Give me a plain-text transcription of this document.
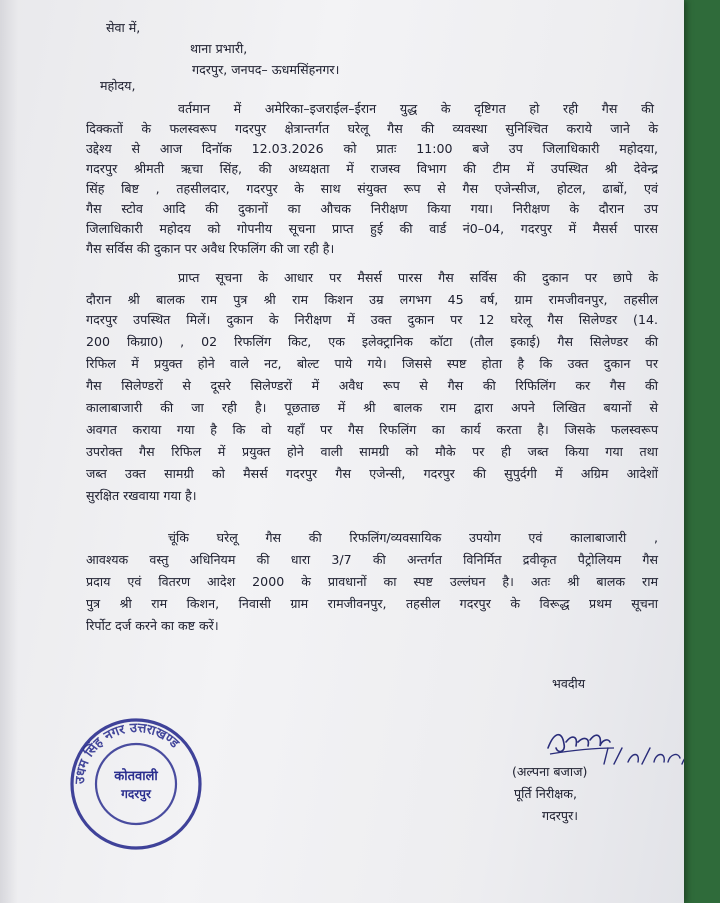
सेवा में,
थाना प्रभारी,
गदरपुर, जनपद– ऊधमसिंहनगर।
महोदय,
वर्तमान में अमेरिका–इजराईल–ईरान युद्ध के दृष्टिगत हो रही गैस की
दिक्कतों के फलस्वरूप गदरपुर क्षेत्रान्तर्गत घरेलू गैस की व्यवस्था सुनिश्चित कराये जाने के
उद्देश्य से आज दिनॉक 12.03.2026 को प्रातः 11:00 बजे उप जिलाधिकारी महोदया,
गदरपुर श्रीमती ऋचा सिंह, की अध्यक्षता में राजस्व विभाग की टीम में उपस्थित श्री देवेन्द्र
सिंह बिष्ट , तहसीलदार, गदरपुर के साथ संयुक्त रूप से गैस एजेन्सीज, होटल, ढाबों, एवं
गैस स्टोव आदि की दुकानों का औचक निरीक्षण किया गया। निरीक्षण के दौरान उप
जिलाधिकारी महोदय को गोपनीय सूचना प्राप्त हुई की वार्ड नं0–04, गदरपुर में मैसर्स पारस
गैस सर्विस की दुकान पर अवैध रिफलिंग की जा रही है।
प्राप्त सूचना के आधार पर मैसर्स पारस गैस सर्विस की दुकान पर छापे के
दौरान श्री बालक राम पुत्र श्री राम किशन उम्र लगभग 45 वर्ष, ग्राम रामजीवनपुर, तहसील
गदरपुर उपस्थित मिलें। दुकान के निरीक्षण में उक्त दुकान पर 12 घरेलू गैस सिलेण्डर (14.
200 किग्रा0) , 02 रिफलिंग किट, एक इलेक्ट्रानिक कॉटा (तौल इकाई) गैस सिलेण्डर की
रिफिल में प्रयुक्त होने वाले नट, बोल्ट पाये गये। जिससे स्पष्ट होता है कि उक्त दुकान पर
गैस सिलेण्डरों से दूसरे सिलेण्डरों में अवैध रूप से गैस की रिफिलिंग कर गैस की
कालाबाजारी की जा रही है। पूछताछ में श्री बालक राम द्वारा अपने लिखित बयानों से
अवगत कराया गया है कि वो यहाँ पर गैस रिफलिंग का कार्य करता है। जिसके फलस्वरूप
उपरोक्त गैस रिफिल में प्रयुक्त होने वाली सामग्री को मौके पर ही जब्त किया गया तथा
जब्त उक्त सामग्री को मैसर्स गदरपुर गैस एजेन्सी, गदरपुर की सुपुर्दगी में अग्रिम आदेशों
सुरक्षित रखवाया गया है।
चूंकि घरेलू गैस की रिफलिंग/व्यवसायिक उपयोग एवं कालाबाजारी ,
आवश्यक वस्तु अधिनियम की धारा 3/7 की अन्तर्गत विनिर्मित द्रवीकृत पैट्रोलियम गैस
प्रदाय एवं वितरण आदेश 2000 के प्रावधानों का स्पष्ट उल्लंघन है। अतः श्री बालक राम
पुत्र श्री राम किशन, निवासी ग्राम रामजीवनपुर, तहसील गदरपुर के विरूद्ध प्रथम सूचना
रिर्पोट दर्ज करने का कष्ट करें।
भवदीय
(अल्पना बजाज)
पूर्ति निरीक्षक,
गदरपुर।
उधम सिंह नगर उत्तराखण्ड
कोतवाली
गदरपुर
